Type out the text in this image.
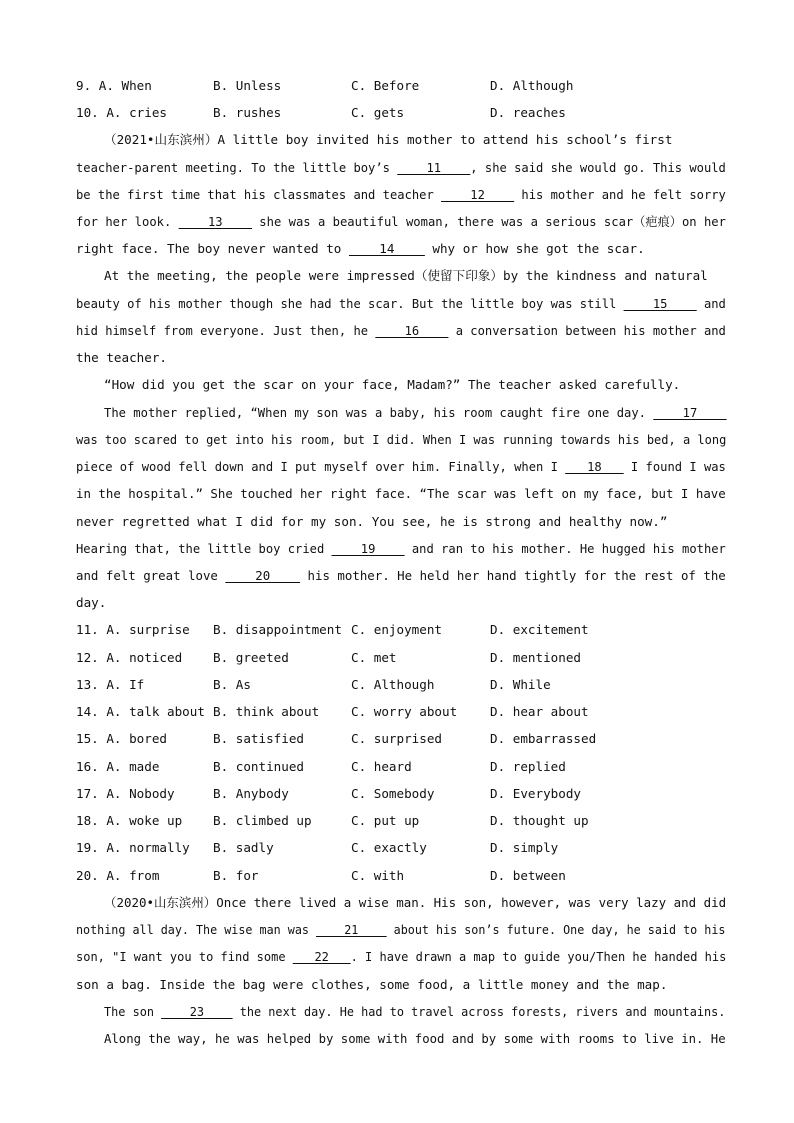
9. A. When	B. Unless	C. Before	D. Although
10. A. cries	B. rushes	C. gets	D. reaches
（2021•山东滨州）A little boy invited his mother to attend his school’s first
teacher-parent meeting. To the little boy’s ____11____, she said she would go. This would
be the first time that his classmates and teacher ____12____ his mother and he felt sorry
for her look. ____13____ she was a beautiful woman, there was a serious scar（疤痕）on her
right face. The boy never wanted to ____14____ why or how she got the scar.
At the meeting, the people were impressed（使留下印象）by the kindness and natural
beauty of his mother though she had the scar. But the little boy was still ____15____ and
hid himself from everyone. Just then, he ____16____ a conversation between his mother and
the teacher.
“How did you get the scar on your face, Madam?” The teacher asked carefully.
The mother replied, “When my son was a baby, his room caught fire one day. ____17____
was too scared to get into his room, but I did. When I was running towards his bed, a long
piece of wood fell down and I put myself over him. Finally, when I ___18___ I found I was
in the hospital.” She touched her right face. “The scar was left on my face, but I have
never regretted what I did for my son. You see, he is strong and healthy now.”
Hearing that, the little boy cried ____19____ and ran to his mother. He hugged his mother
and felt great love ____20____ his mother. He held her hand tightly for the rest of the
day.
11. A. surprise B. disappointment C. enjoyment	D. excitement
12. A. noticed B. greeted	C. met	D. mentioned
13. A. If	B. As	C. Although	D. While
14. A. talk about B. think about	C. worry about	D. hear about
15. A. bored	B. satisfied	C. surprised	D. embarrassed
16. A. made	B. continued	C. heard	D. replied
17. A. Nobody	B. Anybody	C. Somebody	D. Everybody
18. A. woke up B. climbed up	C. put up	D. thought up
19. A. normally B. sadly	C. exactly	D. simply
20. A. from	B. for	C. with	D. between
（2020•山东滨州）Once there lived a wise man. His son, however, was very lazy and did
nothing all day. The wise man was ____21____ about his son’s future. One day, he said to his
son, "I want you to find some ___22___. I have drawn a map to guide you/Then he handed his
son a bag. Inside the bag were clothes, some food, a little money and the map.
The son ____23____ the next day. He had to travel across forests, rivers and mountains.
Along the way, he was helped by some with food and by some with rooms to live in. He
